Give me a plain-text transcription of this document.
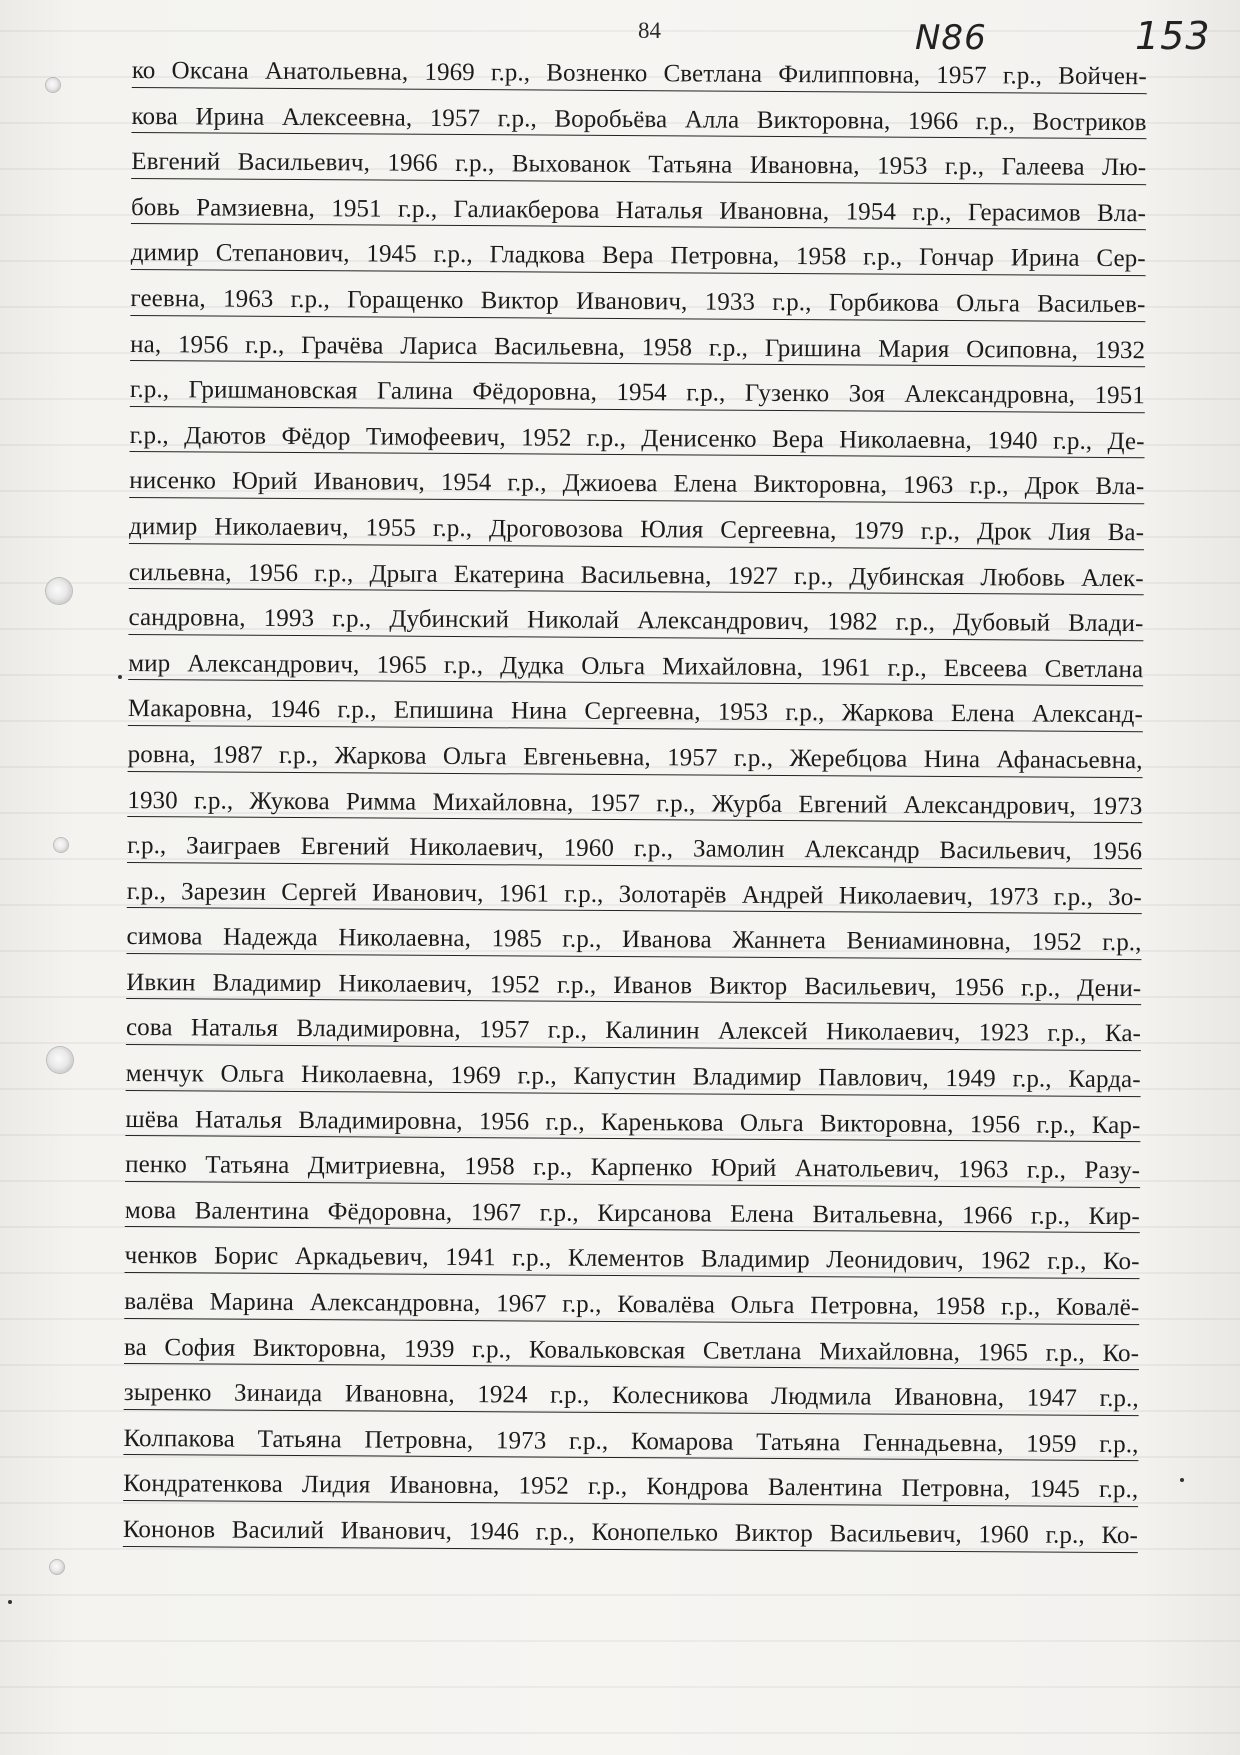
84	N86	153
ко Оксана Анатольевна, 1969 г.р., Возненко Светлана Филипповна, 1957 г.р., Войчен-
кова Ирина Алексеевна, 1957 г.р., Воробьёва Алла Викторовна, 1966 г.р., Востриков
Евгений Васильевич, 1966 г.р., Выхованок Татьяна Ивановна, 1953 г.р., Галеева Лю-
бовь Рамзиевна, 1951 г.р., Галиакберова Наталья Ивановна, 1954 г.р., Герасимов Вла-
димир Степанович, 1945 г.р., Гладкова Вера Петровна, 1958 г.р., Гончар Ирина Сер-
геевна, 1963 г.р., Горащенко Виктор Иванович, 1933 г.р., Горбикова Ольга Васильев-
на, 1956 г.р., Грачёва Лариса Васильевна, 1958 г.р., Гришина Мария Осиповна, 1932
г.р., Гришмановская Галина Фёдоровна, 1954 г.р., Гузенко Зоя Александровна, 1951
г.р., Даютов Фёдор Тимофеевич, 1952 г.р., Денисенко Вера Николаевна, 1940 г.р., Де-
нисенко Юрий Иванович, 1954 г.р., Джиоева Елена Викторовна, 1963 г.р., Дрок Вла-
димир Николаевич, 1955 г.р., Дроговозова Юлия Сергеевна, 1979 г.р., Дрок Лия Ва-
сильевна, 1956 г.р., Дрыга Екатерина Васильевна, 1927 г.р., Дубинская Любовь Алек-
сандровна, 1993 г.р., Дубинский Николай Александрович, 1982 г.р., Дубовый Влади-
мир Александрович, 1965 г.р., Дудка Ольга Михайловна, 1961 г.р., Евсеева Светлана
Макаровна, 1946 г.р., Епишина Нина Сергеевна, 1953 г.р., Жаркова Елена Александ-
ровна, 1987 г.р., Жаркова Ольга Евгеньевна, 1957 г.р., Жеребцова Нина Афанасьевна,
1930 г.р., Жукова Римма Михайловна, 1957 г.р., Журба Евгений Александрович, 1973
г.р., Заиграев Евгений Николаевич, 1960 г.р., Замолин Александр Васильевич, 1956
г.р., Зарезин Сергей Иванович, 1961 г.р., Золотарёв Андрей Николаевич, 1973 г.р., Зо-
симова Надежда Николаевна, 1985 г.р., Иванова Жаннета Вениаминовна, 1952 г.р.,
Ивкин Владимир Николаевич, 1952 г.р., Иванов Виктор Васильевич, 1956 г.р., Дени-
сова Наталья Владимировна, 1957 г.р., Калинин Алексей Николаевич, 1923 г.р., Ка-
менчук Ольга Николаевна, 1969 г.р., Капустин Владимир Павлович, 1949 г.р., Карда-
шёва Наталья Владимировна, 1956 г.р., Каренькова Ольга Викторовна, 1956 г.р., Кар-
пенко Татьяна Дмитриевна, 1958 г.р., Карпенко Юрий Анатольевич, 1963 г.р., Разу-
мова Валентина Фёдоровна, 1967 г.р., Кирсанова Елена Витальевна, 1966 г.р., Кир-
ченков Борис Аркадьевич, 1941 г.р., Клементов Владимир Леонидович, 1962 г.р., Ко-
валёва Марина Александровна, 1967 г.р., Ковалёва Ольга Петровна, 1958 г.р., Ковалё-
ва София Викторовна, 1939 г.р., Ковальковская Светлана Михайловна, 1965 г.р., Ко-
зыренко Зинаида Ивановна, 1924 г.р., Колесникова Людмила Ивановна, 1947 г.р.,
Колпакова Татьяна Петровна, 1973 г.р., Комарова Татьяна Геннадьевна, 1959 г.р.,
Кондратенкова Лидия Ивановна, 1952 г.р., Кондрова Валентина Петровна, 1945 г.р.,
Кононов Василий Иванович, 1946 г.р., Конопелько Виктор Васильевич, 1960 г.р., Ко-
